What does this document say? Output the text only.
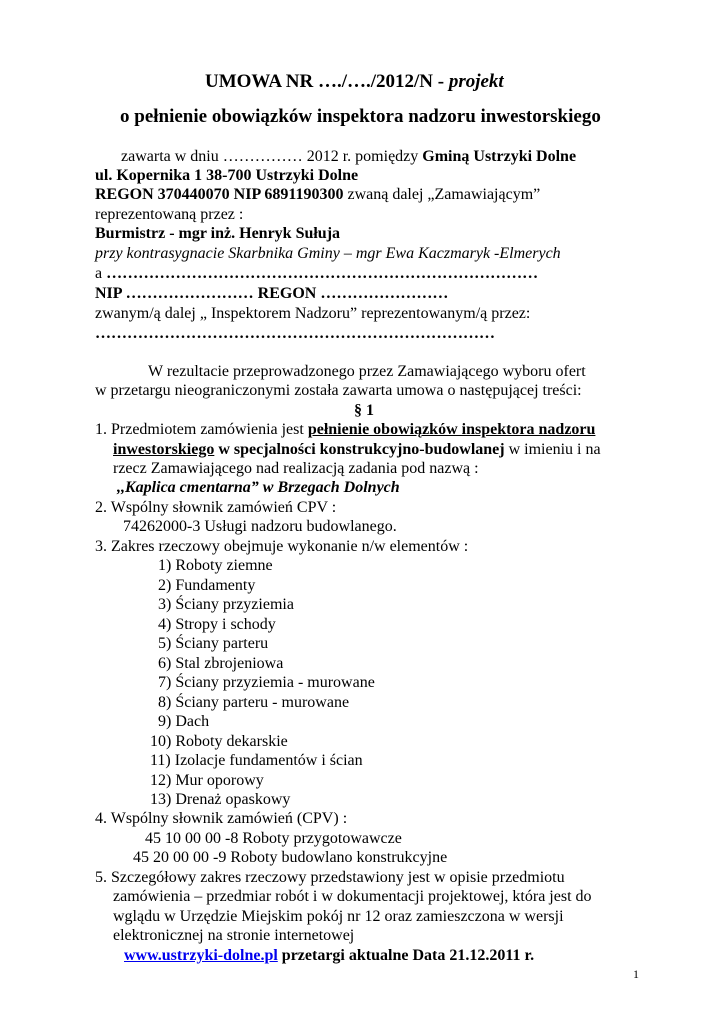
UMOWA NR …./…./2012/N - projekt
o pełnienie obowiązków inspektora nadzoru inwestorskiego
zawarta w dniu …………… 2012 r. pomiędzy Gminą Ustrzyki Dolne
ul. Kopernika 1 38-700 Ustrzyki Dolne
REGON 370440070 NIP 6891190300 zwaną dalej „Zamawiającym”
reprezentowaną przez :
Burmistrz - mgr inż. Henryk Sułuja
przy kontrasygnacie Skarbnika Gminy – mgr Ewa Kaczmaryk -Elmerych
a ………………………………………………………………………
NIP …………………… REGON ……………………
zwanym/ą dalej „ Inspektorem Nadzoru” reprezentowanym/ą przez:
…………………………………………………………………
W rezultacie przeprowadzonego przez Zamawiającego wyboru ofert
w przetargu nieograniczonymi została zawarta umowa o następującej treści:
§ 1
1. Przedmiotem zamówienia jest pełnienie obowiązków inspektora nadzoru
inwestorskiego w specjalności konstrukcyjno-budowlanej w imieniu i na
rzecz Zamawiającego nad realizacją zadania pod nazwą :
,,Kaplica cmentarna” w Brzegach Dolnych
2. Wspólny słownik zamówień CPV :
74262000-3 Usługi nadzoru budowlanego.
3. Zakres rzeczowy obejmuje wykonanie n/w elementów :
1) Roboty ziemne
2) Fundamenty
3) Ściany przyziemia
4) Stropy i schody
5) Ściany parteru
6) Stal zbrojeniowa
7) Ściany przyziemia - murowane
8) Ściany parteru - murowane
9) Dach
10) Roboty dekarskie
11) Izolacje fundamentów i ścian
12) Mur oporowy
13) Drenaż opaskowy
4. Wspólny słownik zamówień (CPV) :
45 10 00 00 -8 Roboty przygotowawcze
45 20 00 00 -9 Roboty budowlano konstrukcyjne
5. Szczegółowy zakres rzeczowy przedstawiony jest w opisie przedmiotu
zamówienia – przedmiar robót i w dokumentacji projektowej, która jest do
wglądu w Urzędzie Miejskim pokój nr 12 oraz zamieszczona w wersji
elektronicznej na stronie internetowej
www.ustrzyki-dolne.pl przetargi aktualne Data 21.12.2011 r.
1
